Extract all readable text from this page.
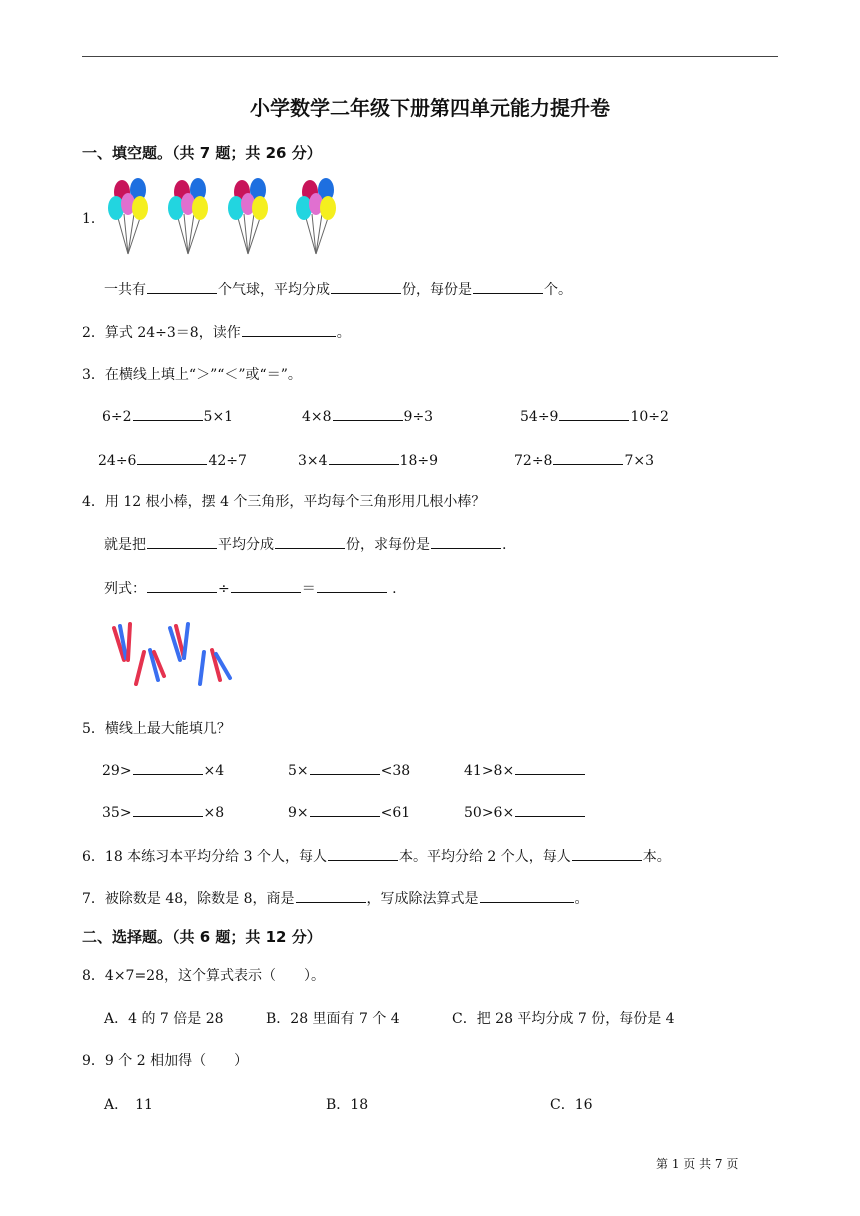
小学数学二年级下册第四单元能力提升卷
一、填空题。（共 7 题；共 26 分）
1．
一共有	个气球，平均分成	份，每份是	个。
2．算式 24÷3＝8，读作	。
3．在横线上填上“＞”“＜”或“＝”。
6÷2	5×1	4×8	9÷3	54÷9	10÷2
24÷6	42÷7	3×4	18÷9	72÷8	7×3
4．用 12 根小棒，摆 4 个三角形，平均每个三角形用几根小棒？
就是把	平均分成	份，求每份是	.
列式：	÷	＝	.
5．横线上最大能填几？
29>	×4	5×	<38	41>8×
35>	×8	9×	<61	50>6×
6．18 本练习本平均分给 3 个人，每人	本。平均分给 2 个人，每人	本。
7．被除数是 48，除数是 8，商是	，写成除法算式是	。
二、选择题。（共 6 题；共 12 分）
8．4×7=28，这个算式表示（　　）。
A．4 的 7 倍是 28	B．28 里面有 7 个 4	C．把 28 平均分成 7 份，每份是 4
9．9 个 2 相加得（　　）
A．　11	B．18	C．16
第 1 页 共 7 页
